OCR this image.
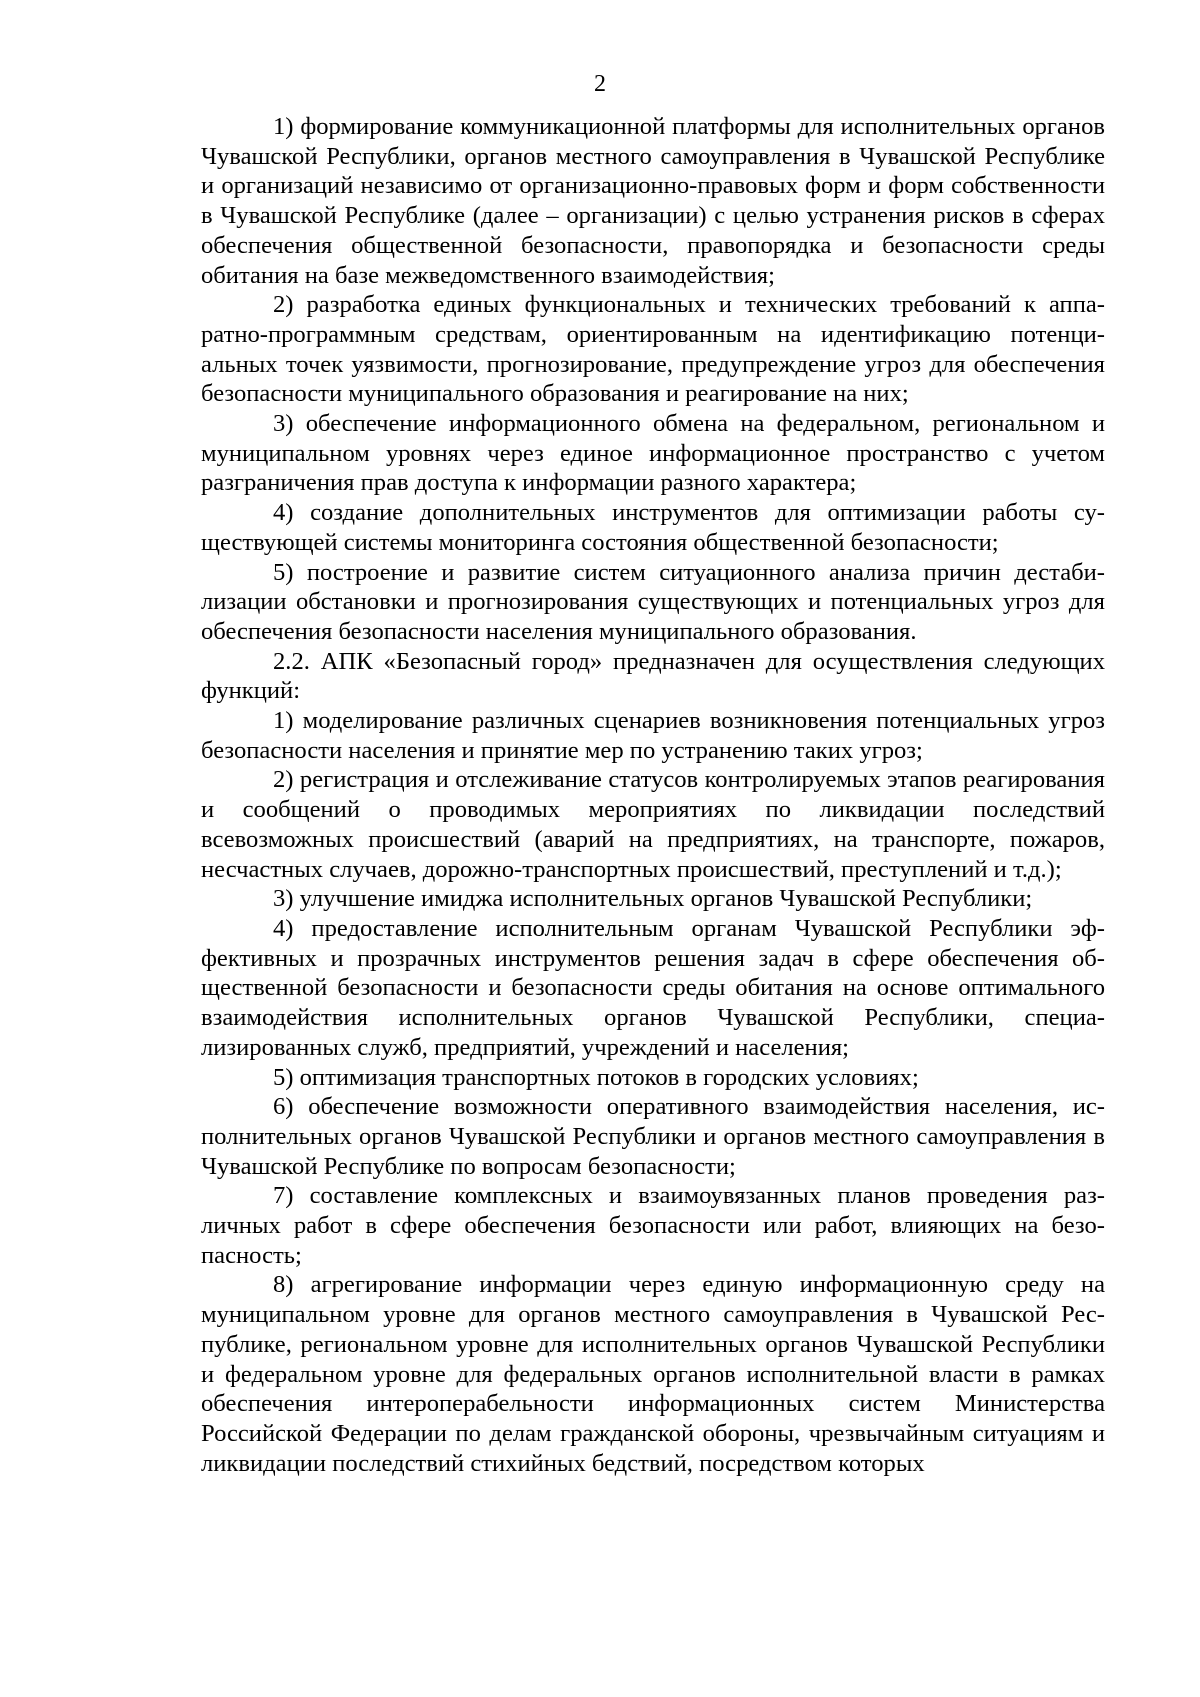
2

1) формирование коммуникационной платформы для исполнительных органов Чувашской Республики, органов местного самоуправления в Чувашской Республике и организаций независимо от организационно-правовых форм и форм собственности в Чувашской Республике (далее – организации) с целью устранения рисков в сферах обеспечения общественной безопасности, правопорядка и безопасности среды обитания на базе межведомственного взаимодействия;

2) разработка единых функциональных и технических требований к аппаратно-программным средствам, ориентированным на идентификацию потенциальных точек уязвимости, прогнозирование, предупреждение угроз для обеспечения безопасности муниципального образования и реагирование на них;

3) обеспечение информационного обмена на федеральном, региональном и муниципальном уровнях через единое информационное пространство с учетом разграничения прав доступа к информации разного характера;

4) создание дополнительных инструментов для оптимизации работы существующей системы мониторинга состояния общественной безопасности;

5) построение и развитие систем ситуационного анализа причин дестабилизации обстановки и прогнозирования существующих и потенциальных угроз для обеспечения безопасности населения муниципального образования.

2.2. АПК «Безопасный город» предназначен для осуществления следующих функций:

1) моделирование различных сценариев возникновения потенциальных угроз безопасности населения и принятие мер по устранению таких угроз;

2) регистрация и отслеживание статусов контролируемых этапов реагирования и сообщений о проводимых мероприятиях по ликвидации последствий всевозможных происшествий (аварий на предприятиях, на транспорте, пожаров, несчастных случаев, дорожно-транспортных происшествий, преступлений и т.д.);

3) улучшение имиджа исполнительных органов Чувашской Республики;

4) предоставление исполнительным органам Чувашской Республики эффективных и прозрачных инструментов решения задач в сфере обеспечения общественной безопасности и безопасности среды обитания на основе оптимального взаимодействия исполнительных органов Чувашской Республики, специализированных служб, предприятий, учреждений и населения;

5) оптимизация транспортных потоков в городских условиях;

6) обеспечение возможности оперативного взаимодействия населения, исполнительных органов Чувашской Республики и органов местного самоуправления в Чувашской Республике по вопросам безопасности;

7) составление комплексных и взаимоувязанных планов проведения различных работ в сфере обеспечения безопасности или работ, влияющих на безопасность;

8) агрегирование информации через единую информационную среду на муниципальном уровне для органов местного самоуправления в Чувашской Республике, региональном уровне для исполнительных органов Чувашской Республики и федеральном уровне для федеральных органов исполнительной власти в рамках обеспечения интероперабельности информационных систем Министерства Российской Федерации по делам гражданской обороны, чрезвычайным ситуациям и ликвидации последствий стихийных бедствий, посредством которых
